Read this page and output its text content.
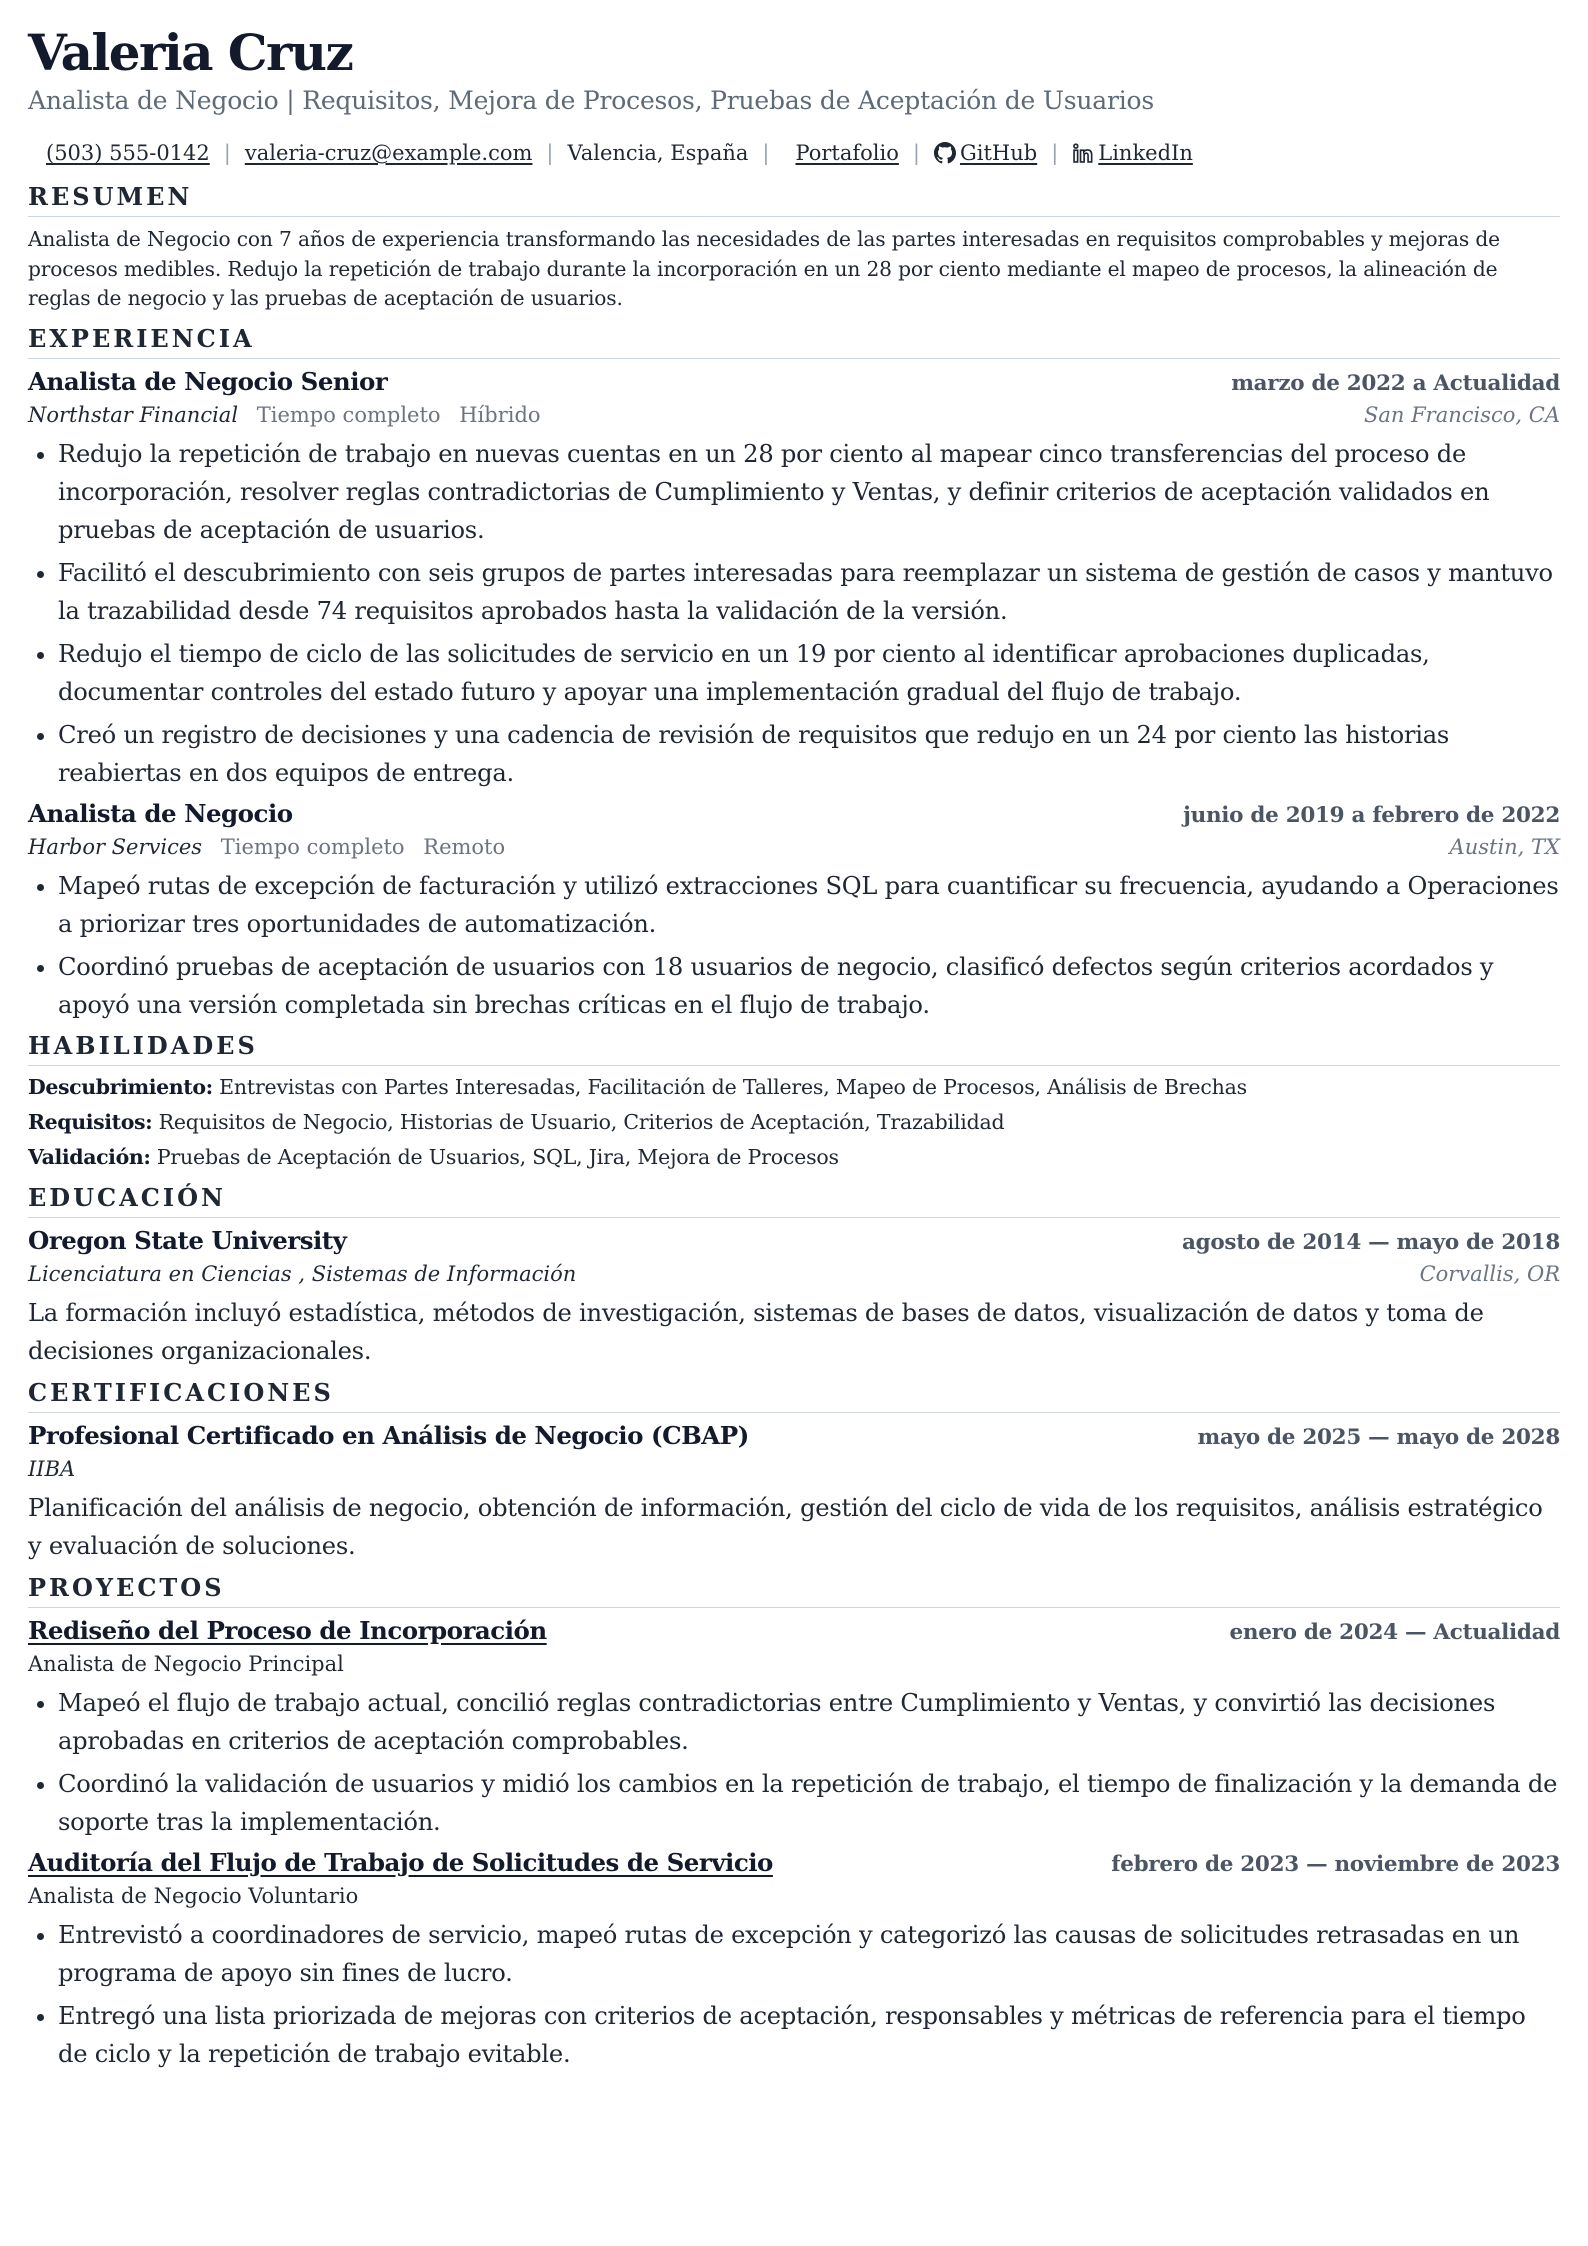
Valeria Cruz
Analista de Negocio | Requisitos, Mejora de Procesos, Pruebas de Aceptación de Usuarios
(503) 555-0142 | valeria-cruz@example.com | Valencia, España | Portafolio | GitHub | LinkedIn
RESUMEN
Analista de Negocio con 7 años de experiencia transformando las necesidades de las partes interesadas en requisitos comprobables y mejoras de procesos medibles. Redujo la repetición de trabajo durante la incorporación en un 28 por ciento mediante el mapeo de procesos, la alineación de reglas de negocio y las pruebas de aceptación de usuarios.
EXPERIENCIA
Analista de Negocio Senior	marzo de 2022 a Actualidad
Northstar Financial Tiempo completo Híbrido	San Francisco, CA
• Redujo la repetición de trabajo en nuevas cuentas en un 28 por ciento al mapear cinco transferencias del proceso de incorporación, resolver reglas contradictorias de Cumplimiento y Ventas, y definir criterios de aceptación validados en pruebas de aceptación de usuarios.
• Facilitó el descubrimiento con seis grupos de partes interesadas para reemplazar un sistema de gestión de casos y mantuvo la trazabilidad desde 74 requisitos aprobados hasta la validación de la versión.
• Redujo el tiempo de ciclo de las solicitudes de servicio en un 19 por ciento al identificar aprobaciones duplicadas, documentar controles del estado futuro y apoyar una implementación gradual del flujo de trabajo.
• Creó un registro de decisiones y una cadencia de revisión de requisitos que redujo en un 24 por ciento las historias reabiertas en dos equipos de entrega.
Analista de Negocio	junio de 2019 a febrero de 2022
Harbor Services Tiempo completo Remoto	Austin, TX
• Mapeó rutas de excepción de facturación y utilizó extracciones SQL para cuantificar su frecuencia, ayudando a Operaciones a priorizar tres oportunidades de automatización.
• Coordinó pruebas de aceptación de usuarios con 18 usuarios de negocio, clasificó defectos según criterios acordados y apoyó una versión completada sin brechas críticas en el flujo de trabajo.
HABILIDADES
Descubrimiento: Entrevistas con Partes Interesadas, Facilitación de Talleres, Mapeo de Procesos, Análisis de Brechas
Requisitos: Requisitos de Negocio, Historias de Usuario, Criterios de Aceptación, Trazabilidad
Validación: Pruebas de Aceptación de Usuarios, SQL, Jira, Mejora de Procesos
EDUCACIÓN
Oregon State University	agosto de 2014 — mayo de 2018
Licenciatura en Ciencias , Sistemas de Información	Corvallis, OR
La formación incluyó estadística, métodos de investigación, sistemas de bases de datos, visualización de datos y toma de decisiones organizacionales.
CERTIFICACIONES
Profesional Certificado en Análisis de Negocio (CBAP)	mayo de 2025 — mayo de 2028
IIBA
Planificación del análisis de negocio, obtención de información, gestión del ciclo de vida de los requisitos, análisis estratégico y evaluación de soluciones.
PROYECTOS
Rediseño del Proceso de Incorporación	enero de 2024 — Actualidad
Analista de Negocio Principal
• Mapeó el flujo de trabajo actual, concilió reglas contradictorias entre Cumplimiento y Ventas, y convirtió las decisiones aprobadas en criterios de aceptación comprobables.
• Coordinó la validación de usuarios y midió los cambios en la repetición de trabajo, el tiempo de finalización y la demanda de soporte tras la implementación.
Auditoría del Flujo de Trabajo de Solicitudes de Servicio	febrero de 2023 — noviembre de 2023
Analista de Negocio Voluntario
• Entrevistó a coordinadores de servicio, mapeó rutas de excepción y categorizó las causas de solicitudes retrasadas en un programa de apoyo sin fines de lucro.
• Entregó una lista priorizada de mejoras con criterios de aceptación, responsables y métricas de referencia para el tiempo de ciclo y la repetición de trabajo evitable.
